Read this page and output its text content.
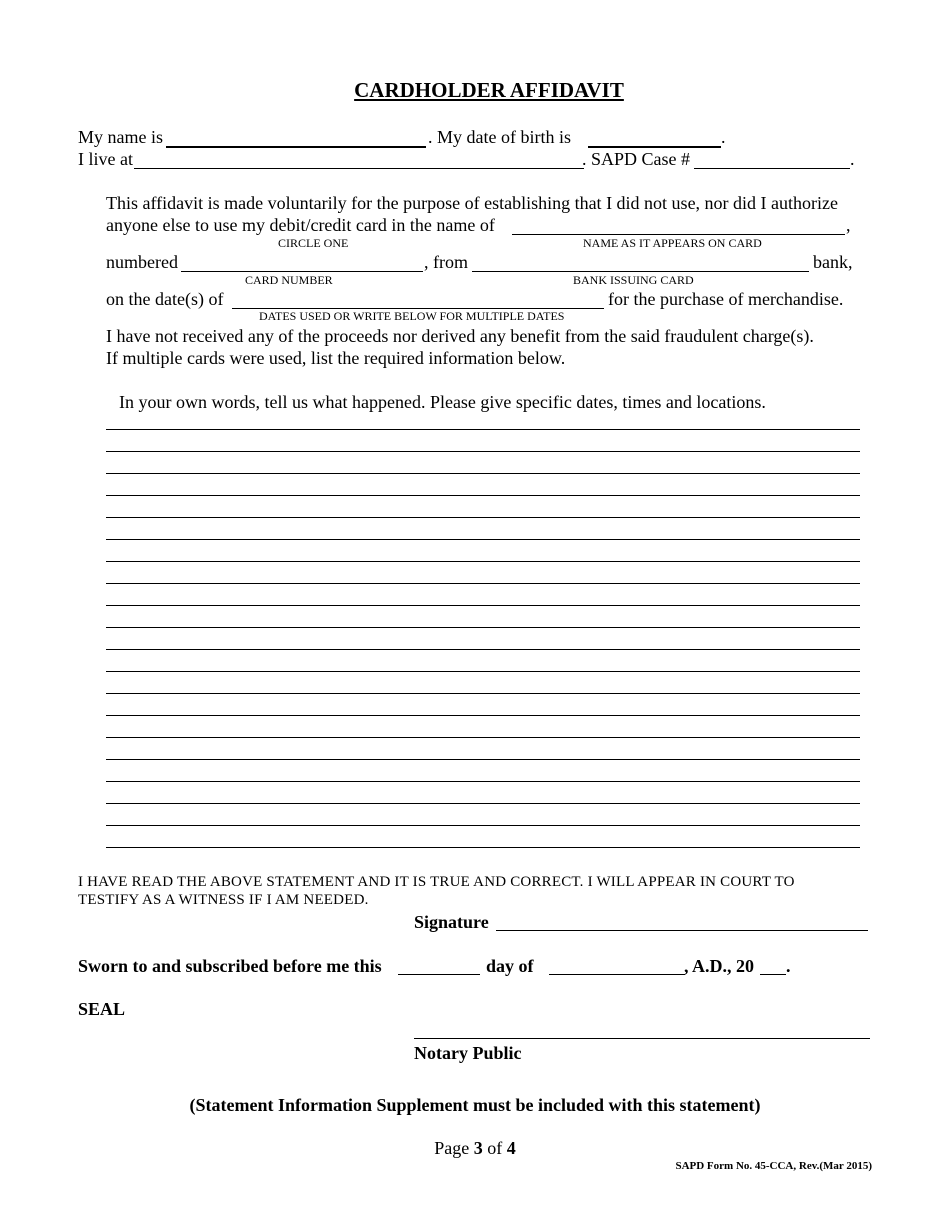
CARDHOLDER AFFIDAVIT
My name is	. My date of birth is	.
I live at	. SAPD Case #	.
This affidavit is made voluntarily for the purpose of establishing that I did not use, nor did I authorize
anyone else to use my debit/credit card in the name of	,
CIRCLE ONE	NAME AS IT APPEARS ON CARD
numbered	, from	bank,
CARD NUMBER	BANK ISSUING CARD
on the date(s) of	for the purchase of merchandise.
DATES USED OR WRITE BELOW FOR MULTIPLE DATES
I have not received any of the proceeds nor derived any benefit from the said fraudulent charge(s).
If multiple cards were used, list the required information below.
In your own words, tell us what happened. Please give specific dates, times and locations.
I HAVE READ THE ABOVE STATEMENT AND IT IS TRUE AND CORRECT. I WILL APPEAR IN COURT TO
TESTIFY AS A WITNESS IF I AM NEEDED.
Signature
Sworn to and subscribed before me this	day of	, A.D., 20 .
SEAL
Notary Public
(Statement Information Supplement must be included with this statement)
Page 3 of 4
SAPD Form No. 45-CCA, Rev.(Mar 2015)
